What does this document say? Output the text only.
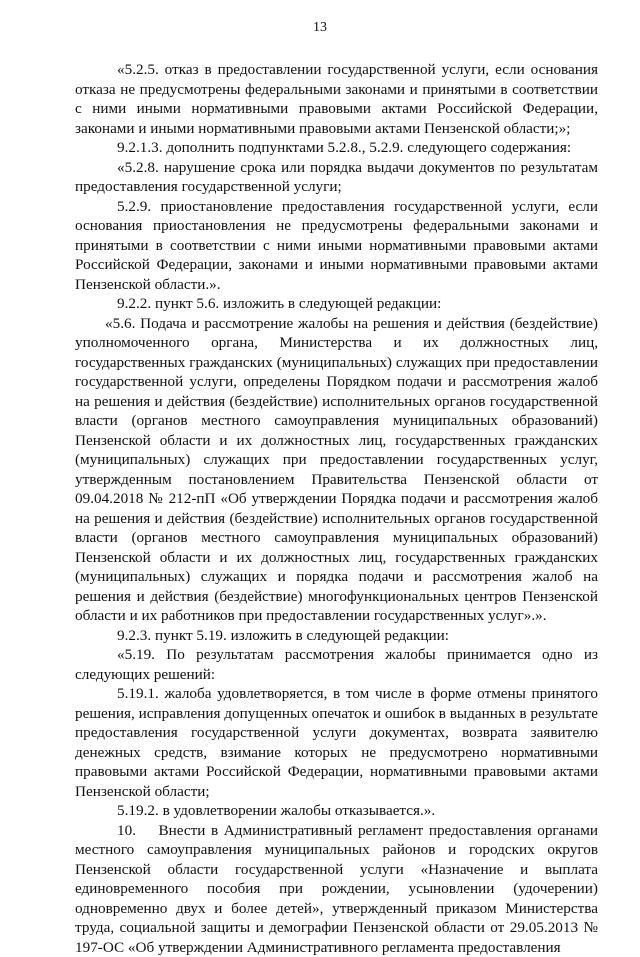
13

«5.2.5. отказ в предоставлении государственной услуги, если основания отказа не предусмотрены федеральными законами и принятыми в соответствии с ними иными нормативными правовыми актами Российской Федерации, законами и иными нормативными правовыми актами Пензенской области;»;

9.2.1.3. дополнить подпунктами 5.2.8., 5.2.9. следующего содержания:

«5.2.8. нарушение срока или порядка выдачи документов по результатам предоставления государственной услуги;

5.2.9. приостановление предоставления государственной услуги, если основания приостановления не предусмотрены федеральными законами и принятыми в соответствии с ними иными нормативными правовыми актами Российской Федерации, законами и иными нормативными правовыми актами Пензенской области.».

9.2.2. пункт 5.6. изложить в следующей редакции:

«5.6. Подача и рассмотрение жалобы на решения и действия (бездействие) уполномоченного органа, Министерства и их должностных лиц, государственных гражданских (муниципальных) служащих при предоставлении государственной услуги, определены Порядком подачи и рассмотрения жалоб на решения и действия (бездействие) исполнительных органов государственной власти (органов местного самоуправления муниципальных образований) Пензенской области и их должностных лиц, государственных гражданских (муниципальных) служащих при предоставлении государственных услуг, утвержденным постановлением Правительства Пензенской области от 09.04.2018 № 212-пП «Об утверждении Порядка подачи и рассмотрения жалоб на решения и действия (бездействие) исполнительных органов государственной власти (органов местного самоуправления муниципальных образований) Пензенской области и их должностных лиц, государственных гражданских (муниципальных) служащих и порядка подачи и рассмотрения жалоб на решения и действия (бездействие) многофункциональных центров Пензенской области и их работников при предоставлении государственных услуг».».

9.2.3. пункт 5.19. изложить в следующей редакции:

«5.19. По результатам рассмотрения жалобы принимается одно из следующих решений:

5.19.1. жалоба удовлетворяется, в том числе в форме отмены принятого решения, исправления допущенных опечаток и ошибок в выданных в результате предоставления государственной услуги документах, возврата заявителю денежных средств, взимание которых не предусмотрено нормативными правовыми актами Российской Федерации, нормативными правовыми актами Пензенской области;

5.19.2. в удовлетворении жалобы отказывается.».

10.    Внести в Административный регламент предоставления органами местного самоуправления муниципальных районов и городских округов Пензенской области государственной услуги «Назначение и выплата единовременного пособия при рождении, усыновлении (удочерении) одновременно двух и более детей», утвержденный приказом Министерства труда, социальной защиты и демографии Пензенской области от 29.05.2013 № 197-ОС «Об утверждении Административного регламента предоставления
